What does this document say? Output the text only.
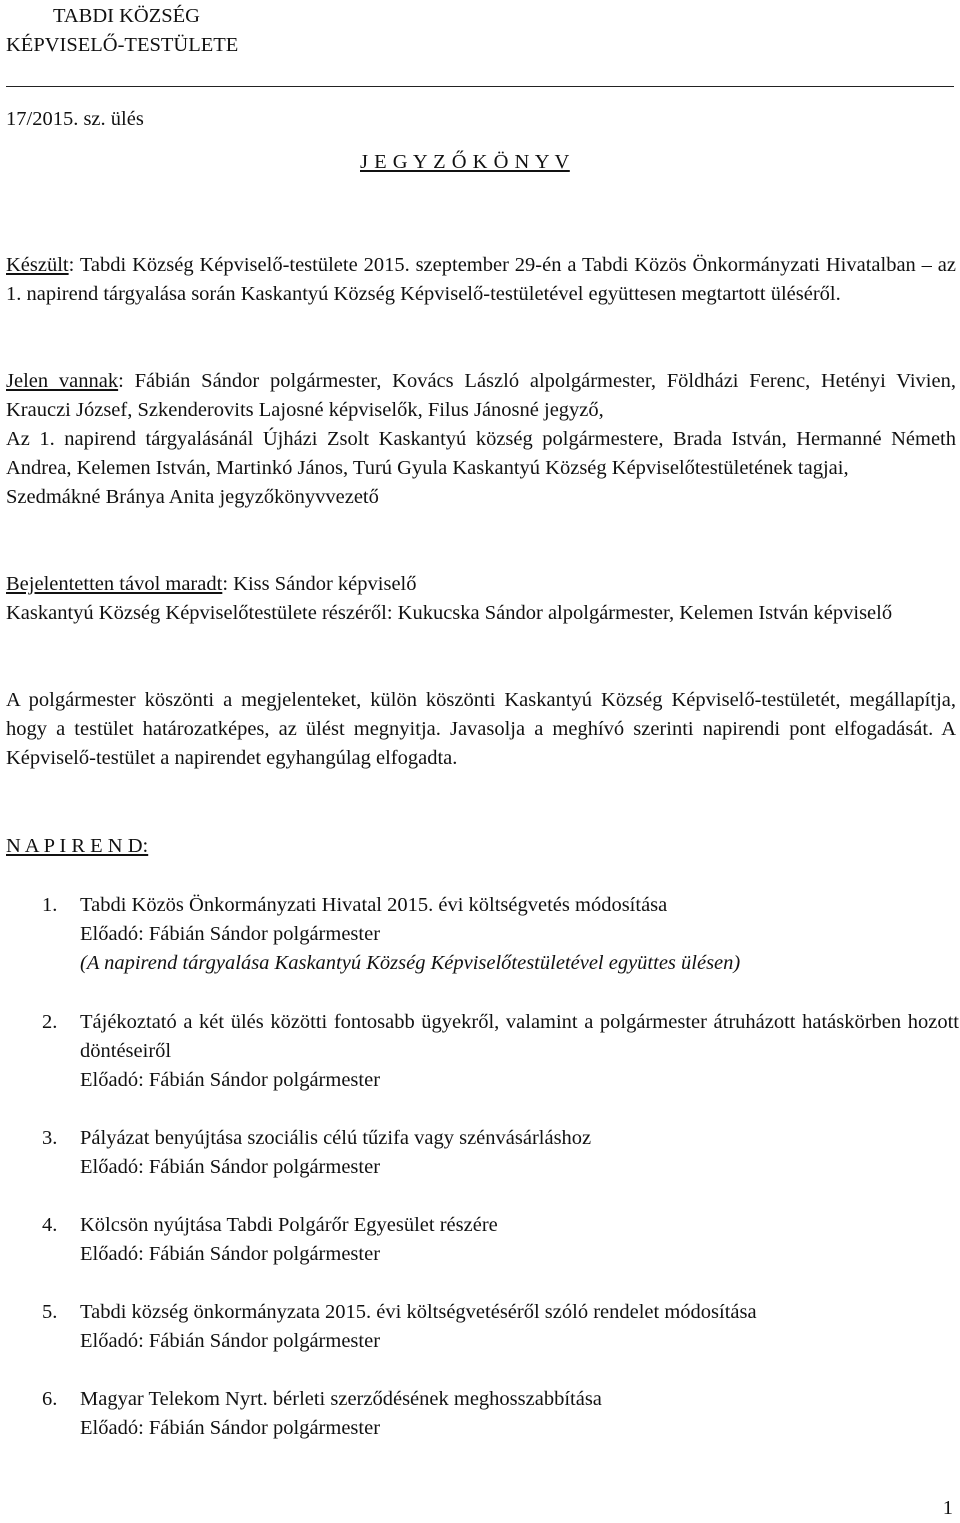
TABDI KÖZSÉG
KÉPVISELŐ-TESTÜLETE
17/2015. sz. ülés
J E G Y Z Ő K Ö N Y V
Készült: Tabdi Község Képviselő-testülete 2015. szeptember 29-én a Tabdi Közös Önkormányzati Hivatalban – az 1. napirend tárgyalása során Kaskantyú Község Képviselő-testületével együttesen megtartott üléséről.
Jelen vannak: Fábián Sándor polgármester, Kovács László alpolgármester, Földházi Ferenc, Hetényi Vivien, Krauczi József, Szkenderovits Lajosné képviselők, Filus Jánosné jegyző,
Az 1. napirend tárgyalásánál Újházi Zsolt Kaskantyú község polgármestere, Brada István, Hermanné Németh Andrea, Kelemen István, Martinkó János, Turú Gyula Kaskantyú Község Képviselőtestületének tagjai,
Szedmákné Bránya Anita jegyzőkönyvvezető
Bejelentetten távol maradt: Kiss Sándor képviselő
Kaskantyú Község Képviselőtestülete részéről: Kukucska Sándor alpolgármester, Kelemen István képviselő
A polgármester köszönti a megjelenteket, külön köszönti Kaskantyú Község Képviselő-testületét, megállapítja, hogy a testület határozatképes, az ülést megnyitja. Javasolja a meghívó szerinti napirendi pont elfogadását. A Képviselő-testület a napirendet egyhangúlag elfogadta.
N A P I R E N D:
1. Tabdi Közös Önkormányzati Hivatal 2015. évi költségvetés módosítása
Előadó: Fábián Sándor polgármester
(A napirend tárgyalása Kaskantyú Község Képviselőtestületével együttes ülésen)
2. Tájékoztató a két ülés közötti fontosabb ügyekről, valamint a polgármester átruházott hatáskörben hozott döntéseiről
Előadó: Fábián Sándor polgármester
3. Pályázat benyújtása szociális célú tűzifa vagy szénvásárláshoz
Előadó: Fábián Sándor polgármester
4. Kölcsön nyújtása Tabdi Polgárőr Egyesület részére
Előadó: Fábián Sándor polgármester
5. Tabdi község önkormányzata 2015. évi költségvetéséről szóló rendelet módosítása
Előadó: Fábián Sándor polgármester
6. Magyar Telekom Nyrt. bérleti szerződésének meghosszabbítása
Előadó: Fábián Sándor polgármester
1
